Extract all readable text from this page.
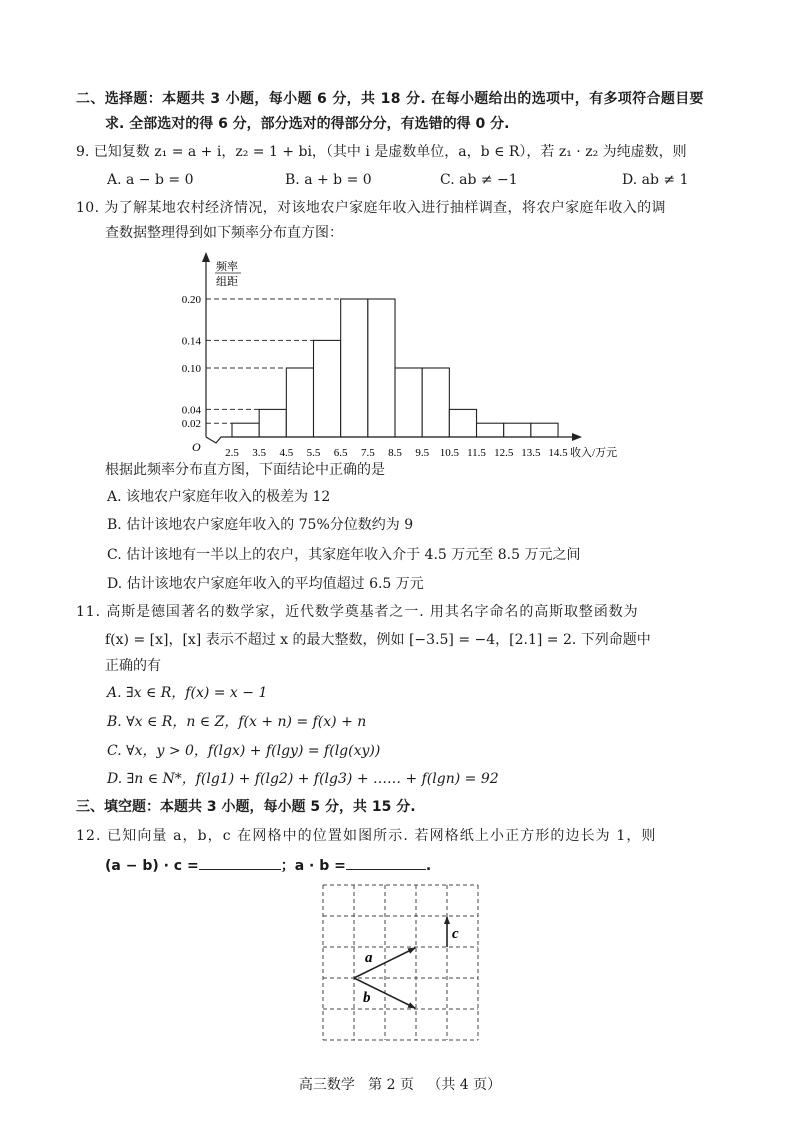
二、选择题：本题共 3 小题，每小题 6 分，共 18 分. 在每小题给出的选项中，有多项符合题目要
求. 全部选对的得 6 分，部分选对的得部分分，有选错的得 0 分.
9. 已知复数 z₁ = a + i，z₂ = 1 + bi，（其中 i 是虚数单位，a，b ∈ R），若 z₁ · z₂ 为纯虚数，则
A. a − b = 0	B. a + b = 0	C. ab ≠ −1	D. ab ≠ 1
10. 为了解某地农村经济情况，对该地农户家庭年收入进行抽样调查，将农户家庭年收入的调
查数据整理得到如下频率分布直方图：
0.02
0.04
0.10
0.14
0.20
2.5 3.5 4.5 5.5 6.5 7.5 8.5 9.5 10.5 11.5 12.5 13.5 14.5 收入/万元
O
频率
组距
根据此频率分布直方图，下面结论中正确的是
A. 该地农户家庭年收入的极差为 12
B. 估计该地农户家庭年收入的 75%分位数约为 9
C. 估计该地有一半以上的农户，其家庭年收入介于 4.5 万元至 8.5 万元之间
D. 估计该地农户家庭年收入的平均值超过 6.5 万元
11. 高斯是德国著名的数学家，近代数学奠基者之一. 用其名字命名的高斯取整函数为
f(x) = [x]，[x] 表示不超过 x 的最大整数，例如 [−3.5] = −4，[2.1] = 2. 下列命题中
正确的有
A. ∃x ∈ R，f(x) = x − 1
B. ∀x ∈ R，n ∈ Z，f(x + n) = f(x) + n
C. ∀x，y > 0，f(lgx) + f(lgy) = f(lg(xy))
D. ∃n ∈ N*，f(lg1) + f(lg2) + f(lg3) + …… + f(lgn) = 92
三、填空题：本题共 3 小题，每小题 5 分，共 15 分.
12. 已知向量 a，b，c 在网格中的位置如图所示. 若网格纸上小正方形的边长为 1，则
(a − b) · c =	；a · b =	.
a
b
c
高三数学   第 2 页   （共 4 页）
